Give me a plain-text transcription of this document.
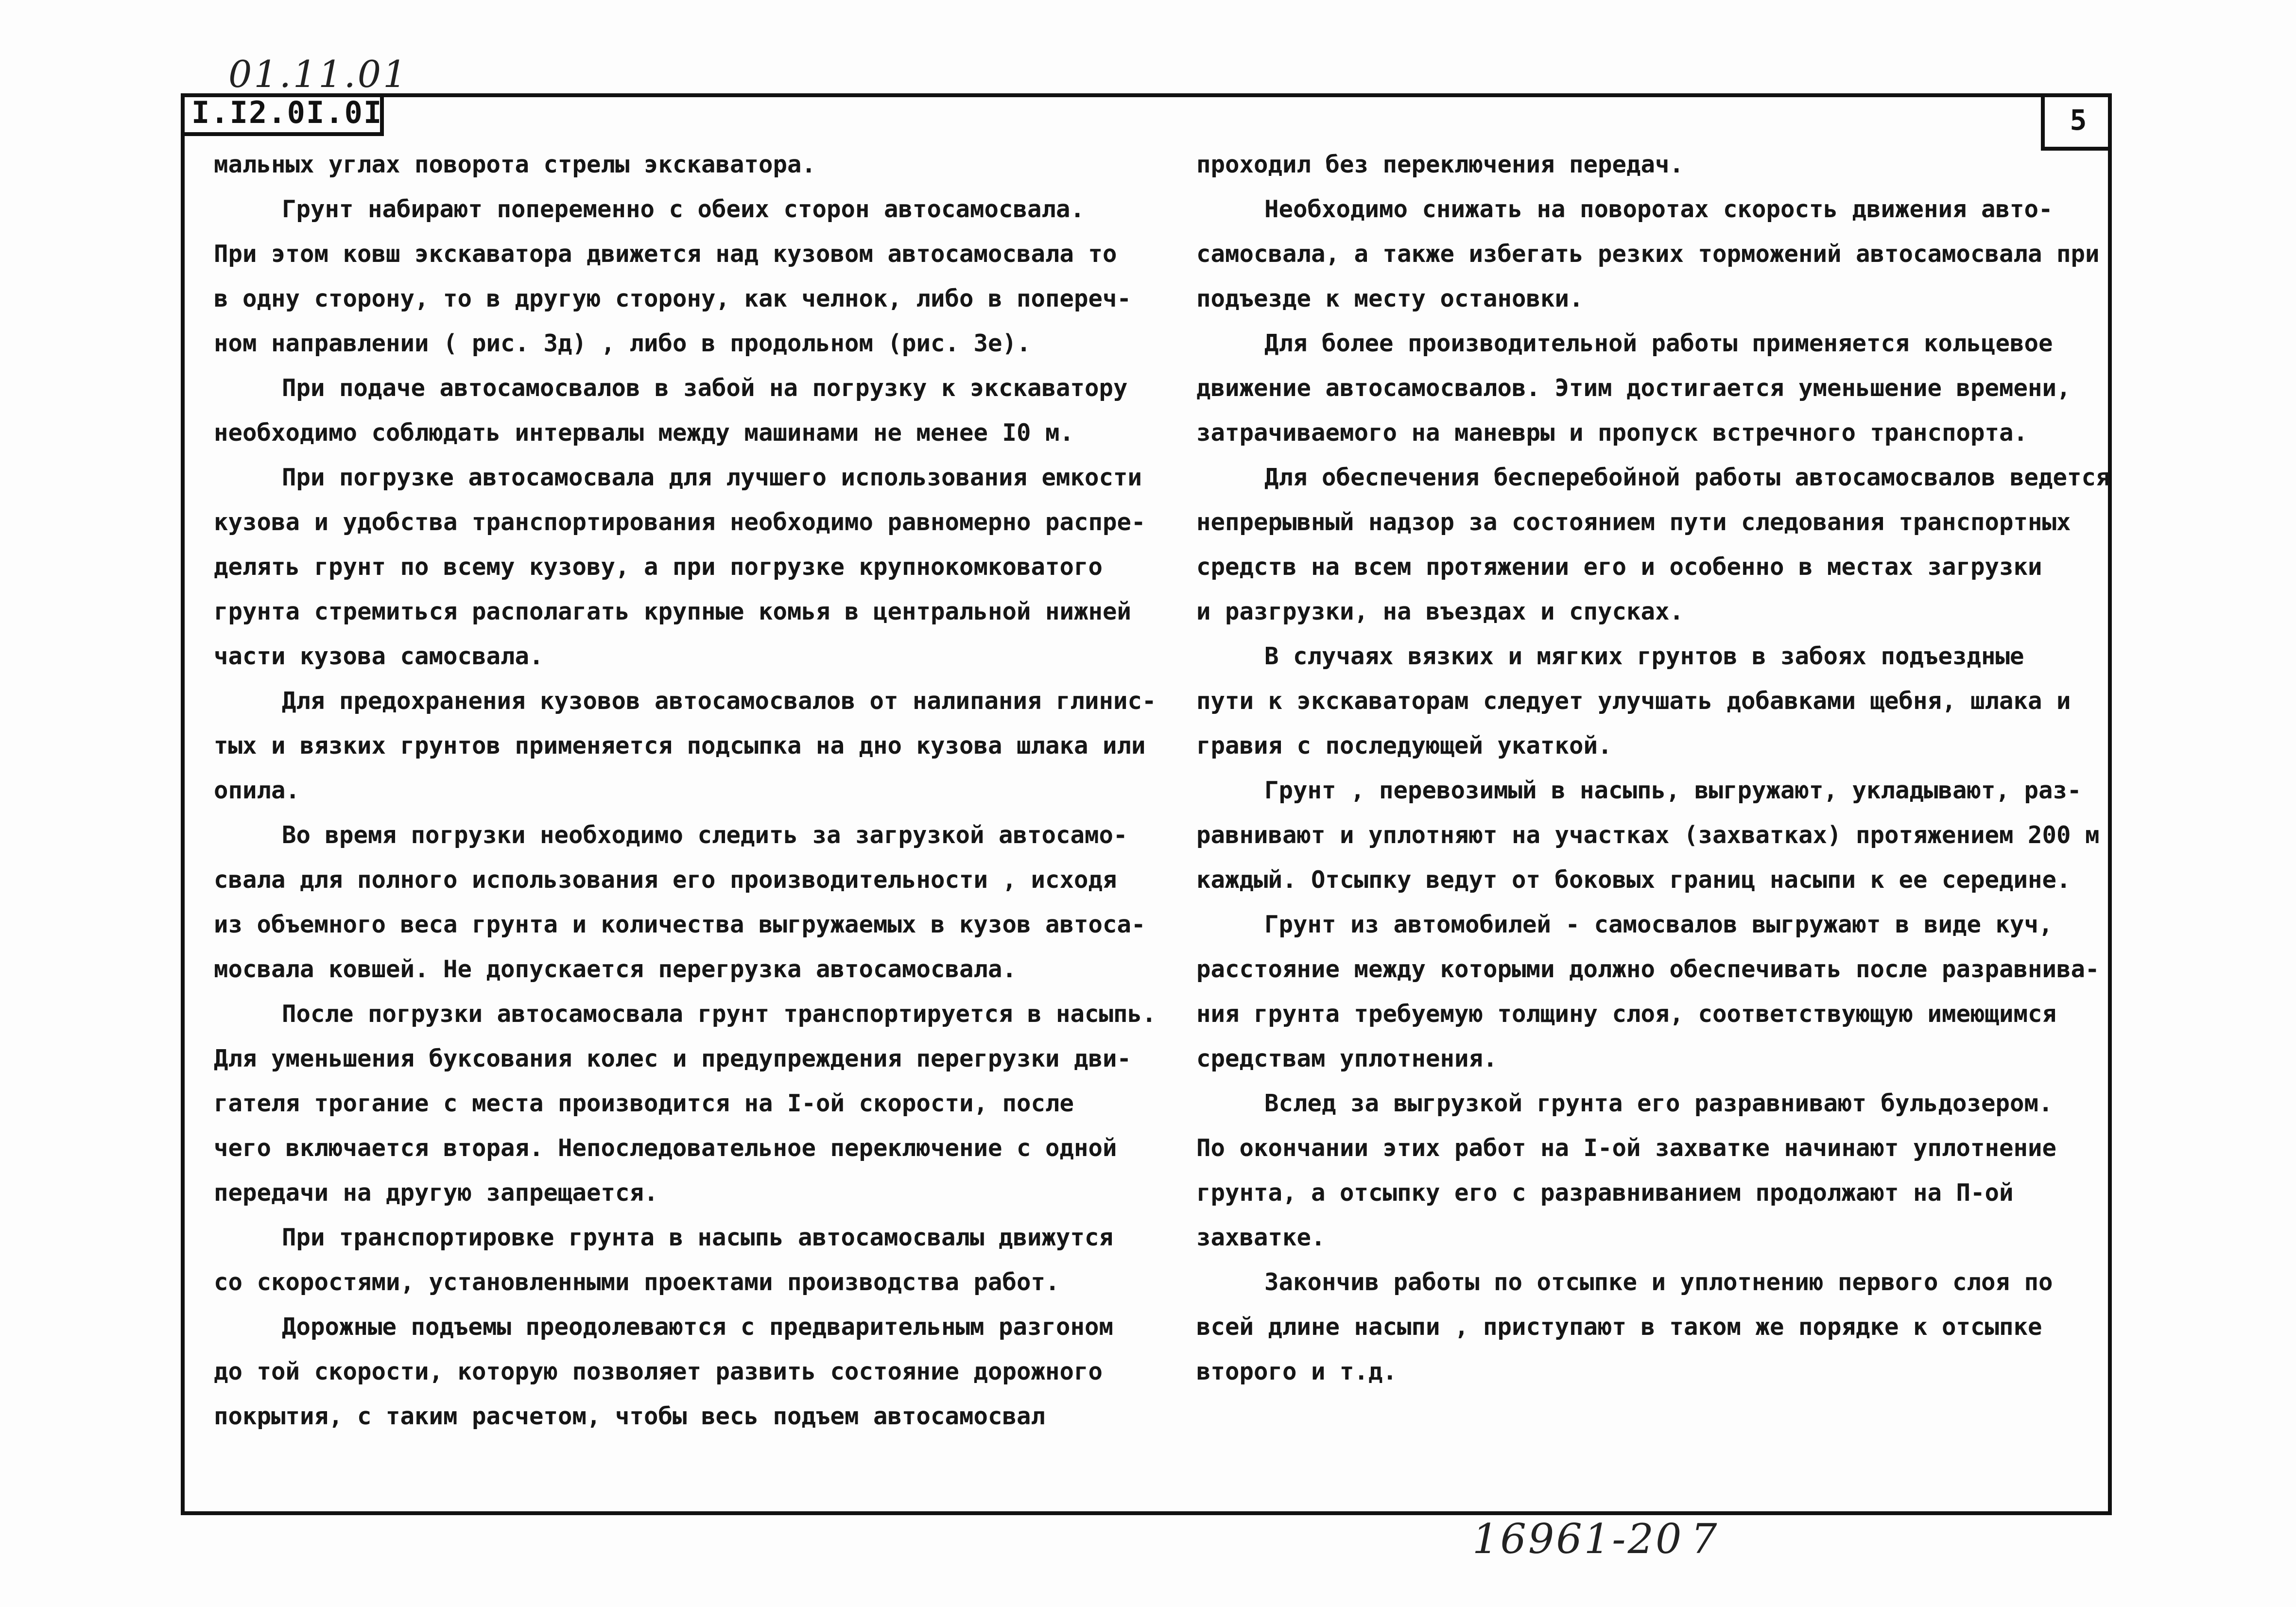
01.11.01
I.I2.0I.0I	5

мальных углах поворота стрелы экскаватора.

Грунт набирают попеременно с обеих сторон автосамосвала.
При этом ковш экскаватора движется над кузовом автосамосвала то
в одну сторону, то в другую сторону, как челнок, либо в попереч-
ном направлении ( рис. 3д) , либо в продольном (рис. 3е).

При подаче автосамосвалов в забой на погрузку к экскаватору
необходимо соблюдать интервалы между машинами не менее I0 м.

При погрузке автосамосвала для лучшего использования емкости
кузова и удобства транспортирования необходимо равномерно распре-
делять грунт по всему кузову, а при погрузке крупнокомковатого
грунта стремиться располагать крупные комья в центральной нижней
части кузова самосвала.

Для предохранения кузовов автосамосвалов от налипания глинис-
тых и вязких грунтов применяется подсыпка на дно кузова шлака или
опила.

Во время погрузки необходимо следить за загрузкой автосамо-
свала для полного использования его производительности , исходя
из объемного веса грунта и количества выгружаемых в кузов автоса-
мосвала ковшей. Не допускается перегрузка автосамосвала.

После погрузки автосамосвала грунт транспортируется в насыпь.
Для уменьшения буксования колес и предупреждения перегрузки дви-
гателя трогание с места производится на I-ой скорости, после
чего включается вторая. Непоследовательное переключение с одной
передачи на другую запрещается.

При транспортировке грунта в насыпь автосамосвалы движутся
со скоростями, установленными проектами производства работ.

Дорожные подъемы преодолеваются с предварительным разгоном
до той скорости, которую позволяет развить состояние дорожного
покрытия, с таким расчетом, чтобы весь подъем автосамосвал

проходил без переключения передач.

Необходимо снижать на поворотах скорость движения авто-
самосвала, а также избегать резких торможений автосамосвала при
подъезде к месту остановки.

Для более производительной работы применяется кольцевое
движение автосамосвалов. Этим достигается уменьшение времени,
затрачиваемого на маневры и пропуск встречного транспорта.

Для обеспечения бесперебойной работы автосамосвалов ведется
непрерывный надзор за состоянием пути следования транспортных
средств на всем протяжении его и особенно в местах загрузки
и разгрузки, на въездах и спусках.

В случаях вязких и мягких грунтов в забоях подъездные
пути к экскаваторам следует улучшать добавками щебня, шлака и
гравия с последующей укаткой.

Грунт , перевозимый в насыпь, выгружают, укладывают, раз-
равнивают и уплотняют на участках (захватках) протяжением 200 м
каждый. Отсыпку ведут от боковых границ насыпи к ее середине.

Грунт из автомобилей - самосвалов выгружают в виде куч,
расстояние между которыми должно обеспечивать после разравнива-
ния грунта требуемую толщину слоя, соответствующую имеющимся
средствам уплотнения.

Вслед за выгрузкой грунта его разравнивают бульдозером.
По окончании этих работ на I-ой захватке начинают уплотнение
грунта, а отсыпку его с разравниванием продолжают на П-ой
захватке.

Закончив работы по отсыпке и уплотнению первого слоя по
всей длине насыпи , приступают в таком же порядке к отсыпке
второго и т.д.

16961-20 7
